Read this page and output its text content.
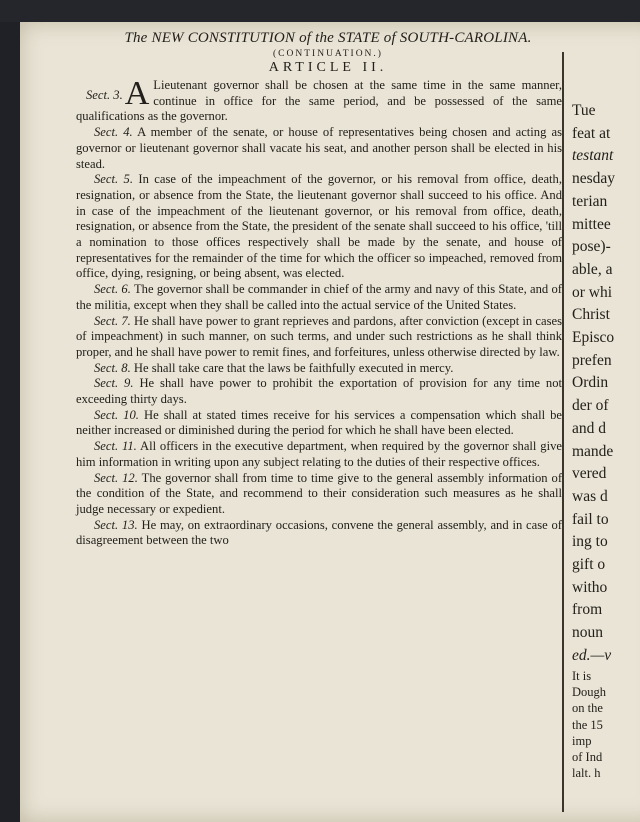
The NEW CONSTITUTION of the STATE of SOUTH-CAROLINA.
(CONTINUATION.)
ARTICLE II.

Sect. 3. A Lieutenant governor shall be chosen at the same time in the same manner, continue in office for the same period, and be possessed of the same qualifications as the governor.

Sect. 4. A member of the senate, or house of representatives being chosen and acting as governor or lieutenant governor shall vacate his seat, and another person shall be elected in his stead.

Sect. 5. In case of the impeachment of the governor, or his removal from office, death, resignation, or absence from the State, the lieutenant governor shall succeed to his office. And in case of the impeachment of the lieutenant governor, or his removal from office, death, resignation, or absence from the State, the president of the senate shall succeed to his office, 'till a nomination to those offices respectively shall be made by the senate, and house of representatives for the remainder of the time for which the officer so impeached, removed from office, dying, resigning, or being absent, was elected.

Sect. 6. The governor shall be commander in chief of the army and navy of this State, and of the militia, except when they shall be called into the actual service of the United States.

Sect. 7. He shall have power to grant reprieves and pardons, after conviction (except in cases of impeachment) in such manner, on such terms, and under such restrictions as he shall think proper, and he shall have power to remit fines, and forfeitures, unless otherwise directed by law.

Sect. 8. He shall take care that the laws be faithfully executed in mercy.

Sect. 9. He shall have power to prohibit the exportation of provision for any time not exceeding thirty days.

Sect. 10. He shall at stated times receive for his services a compensation which shall be neither increased or diminished during the period for which he shall have been elected.

Sect. 11. All officers in the executive department, when required by the governor shall give him information in writing upon any subject relating to the duties of their respective offices.

Sect. 12. The governor shall from time to time give to the general assembly information of the condition of the State, and recommend to their consideration such measures as he shall judge necessary or expedient.

Sect. 13. He may, on extraordinary occasions, convene the general assembly, and in case of disagreement between the two

Tue
feat at
testant
nesday
terian
mittee
pose)-
able, a
or whi
Christ
Episco
prefen
Ordin
der of
and d
mande
vered
was d
fail to
ing to
gift o
witho
from
noun
ed.—v
It is
Dough
on the
the 15
imp
of Ind
lalt. h
